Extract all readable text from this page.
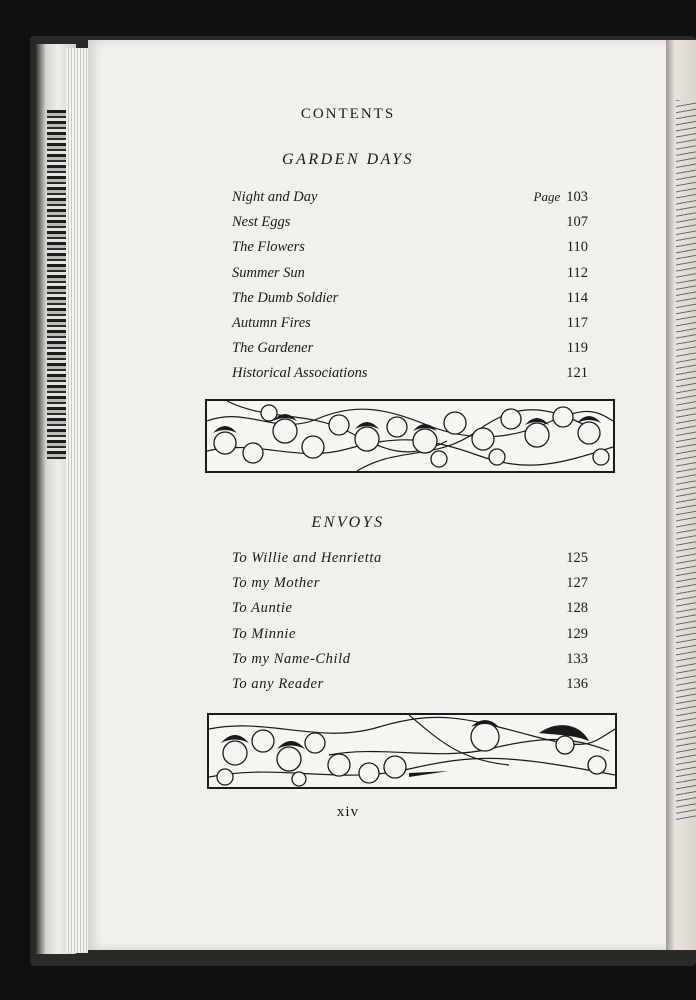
CONTENTS
GARDEN DAYS
Night and Day	Page 103
Nest Eggs	107
The Flowers	110
Summer Sun	112
The Dumb Soldier	114
Autumn Fires	117
The Gardener	119
Historical Associations	121
ENVOYS
To Willie and Henrietta	125
To my Mother	127
To Auntie	128
To Minnie	129
To my Name-Child	133
To any Reader	136
xiv
